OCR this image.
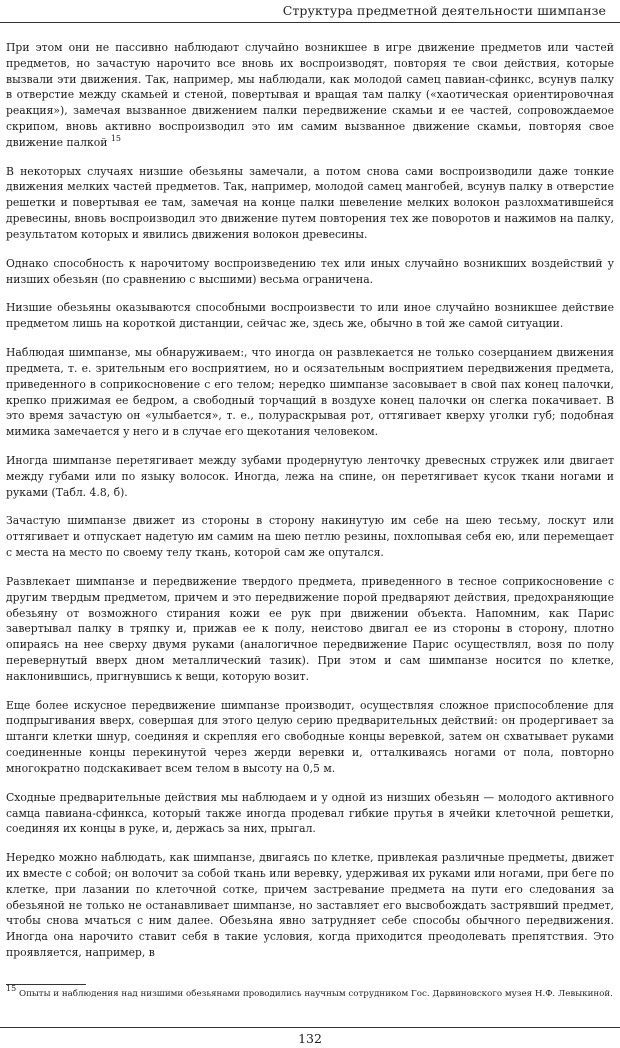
Структура предметной деятельности шимпанзе

При этом они не пассивно наблюдают случайно возникшее в игре движение предметов или частей предметов, но зачастую нарочито все вновь их воспроизводят, повторяя те свои действия, которые вызвали эти движения. Так, например, мы наблюдали, как молодой самец павиан-сфинкс, всунув палку в отверстие между скамьей и стеной, повертывая и вращая там палку («хаотическая ориентировочная реакция»), замечая вызванное движением палки передвижение скамьи и ее частей, сопровождаемое скрипом, вновь активно воспроизводил это им самим вызванное движение скамьи, повторяя свое движение палкой $^{15}$

В некоторых случаях низшие обезьяны замечали, а потом снова сами воспроизводили даже тонкие движения мелких частей предметов. Так, например, молодой самец мангобей, всунув палку в отверстие решетки и повертывая ее там, замечая на конце палки шевеление мелких волокон разлохматившейся древесины, вновь воспроизводил это движение путем повторения тех же поворотов и нажимов на палку, результатом которых и явились движения волокон древесины.

Однако способность к нарочитому воспроизведению тех или иных случайно возникших воздействий у низших обезьян (по сравнению с высшими) весьма ограничена.

Низшие обезьяны оказываются способными воспроизвести то или иное случайно возникшее действие предметом лишь на короткой дистанции, сейчас же, здесь же, обычно в той же самой ситуации.

Наблюдая шимпанзе, мы обнаруживаем:, что иногда он развлекается не только созерцанием движения предмета, т. е. зрительным его восприятием, но и осязательным восприятием передвижения предмета, приведенного в соприкосновение с его телом; нередко шимпанзе засовывает в свой пах конец палочки, крепко прижимая ее бедром, а свободный торчащий в воздухе конец палочки он слегка покачивает. В это время зачастую он «улыбается», т. е., полураскрывая рот, оттягивает кверху уголки губ; подобная мимика замечается у него и в случае его щекотания человеком.

Иногда шимпанзе перетягивает между зубами продернутую ленточку древесных стружек или двигает между губами или по языку волосок. Иногда, лежа на спине, он перетягивает кусок ткани ногами и руками (Табл. 4.8, б).

Зачастую шимпанзе движет из стороны в сторону накинутую им себе на шею тесьму, лоскут или оттягивает и отпускает надетую им самим на шею петлю резины, похлопывая себя ею, или перемещает с места на место по своему телу ткань, которой сам же опутался.

Развлекает шимпанзе и передвижение твердого предмета, приведенного в тесное соприкосновение с другим твердым предметом, причем и это передвижение порой предваряют действия, предохраняющие обезьяну от возможного стирания кожи ее рук при движении объекта. Напомним, как Парис завертывал палку в тряпку и, прижав ее к полу, неистово двигал ее из стороны в сторону, плотно опираясь на нее сверху двумя руками (аналогичное передвижение Парис осуществлял, возя по полу перевернутый вверх дном металлический тазик). При этом и сам шимпанзе носится по клетке, наклонившись, пригнувшись к вещи, которую возит.

Еще более искусное передвижение шимпанзе производит, осуществляя сложное приспособление для подпрыгивания вверх, совершая для этого целую серию предварительных действий: он продергивает за штанги клетки шнур, соединяя и скрепляя его свободные концы веревкой, затем он схватывает руками соединенные концы перекинутой через жерди веревки и, отталкиваясь ногами от пола, повторно многократно подскакивает всем телом в высоту на 0,5 м.

Сходные предварительные действия мы наблюдаем и у одной из низших обезьян — молодого активного самца павиана-сфинкса, который также иногда продевал гибкие прутья в ячейки клеточной решетки, соединяя их концы в руке, и, держась за них, прыгал.

Нередко можно наблюдать, как шимпанзе, двигаясь по клетке, привлекая различные предметы, движет их вместе с собой; он волочит за собой ткань или веревку, удерживая их руками или ногами, при беге по клетке, при лазании по клеточной сотке, причем застревание предмета на пути его следования за обезьяной не только не останавливает шимпанзе, но заставляет его высвобождать застрявший предмет, чтобы снова мчаться с ним далее. Обезьяна явно затрудняет себе способы обычного передвижения. Иногда она нарочито ставит себя в такие условия, когда приходится преодолевать препятствия. Это проявляется, например, в

$^{15}$ Опыты и наблюдения над низшими обезьянами проводились научным сотрудником Гос. Дарвиновского музея Н.Ф. Левыкиной.
132
